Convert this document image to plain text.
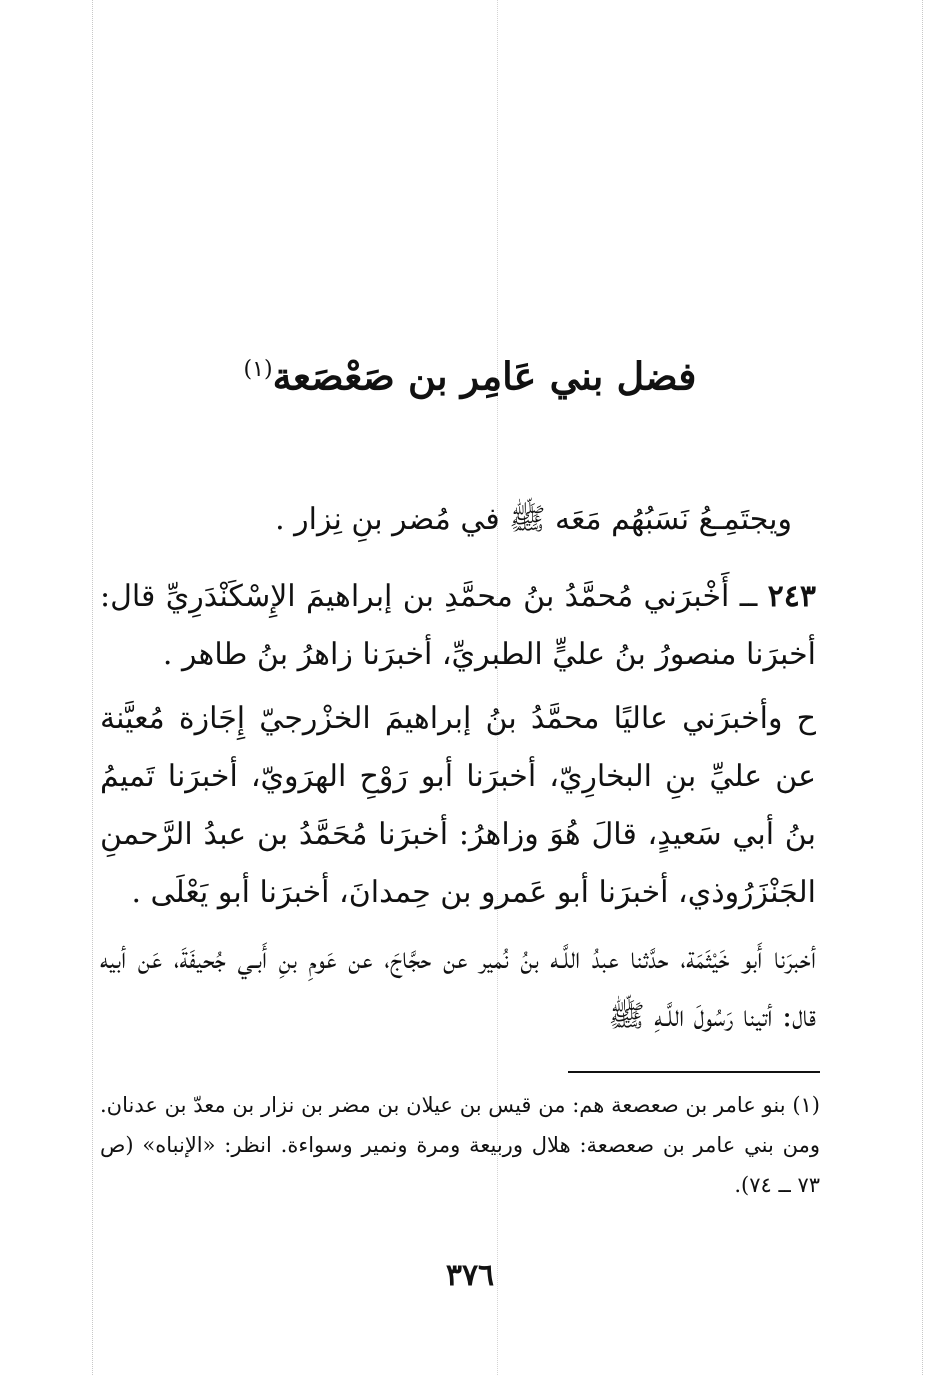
فضل بني عَامِر بن صَعْصَعة$^{(١)}$
ويجتَمِـعُ نَسَبُهُم مَعَه ﷺ في مُضر بنِ نِزار .
٢٤٣ ــ أَخْبرَني مُحمَّدُ بنُ محمَّدِ بن إبراهيمَ الإِسْكَنْدَرِيِّ قال: أخبرَنا منصورُ بنُ عليٍّ الطبريِّ، أخبرَنا زاهرُ بنُ طاهر .
ح وأخبرَني عاليًا محمَّدُ بنُ إبراهيمَ الخزْرجيّ إِجَازة مُعيَّنة عن عليِّ بنِ البخارِيّ، أخبرَنا أبو رَوْحِ الهرَويّ، أخبرَنا تَميمُ بنُ أبي سَعيدٍ، قالَ هُوَ وزاهرُ: أخبرَنا مُحَمَّدُ بن عبدُ الرَّحمنِ الجَنْزَرُوذي، أخبرَنا أبو عَمرو بن حِمدانَ، أخبرَنا أبو يَعْلَى .
أخبرَنا أَبو خَيْثَمَة، حدَّثنا عبدُ اللَّـه بنُ نُمير عن حجَّاجَ، عن عَومِ بنِ أَبـي جُحيفَةَ، عَن أبيه قال: أتينا رَسُولَ اللَّـهِ ﷺ
(١) بنو عامر بن صعصعة هم: من قيس بن عيلان بن مضر بن نزار بن معدّ بن عدنان. ومن بني عامر بن صعصعة: هلال وربيعة ومرة ونمير وسواءة. انظر: «الإنباه» (ص ٧٣ ــ ٧٤).
٣٧٦
